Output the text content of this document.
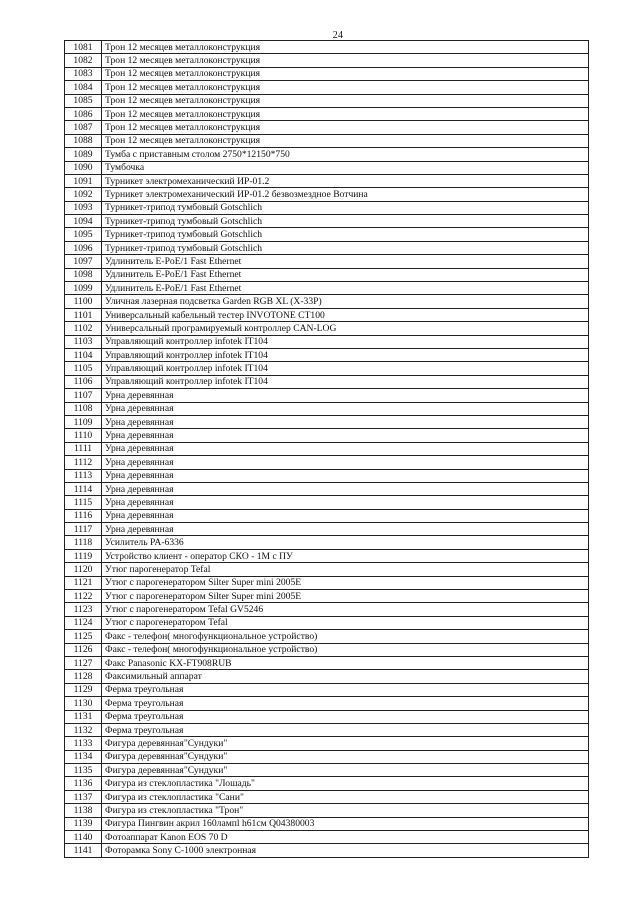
24
1081	Трон 12 месяцев металлоконструкция
1082	Трон 12 месяцев металлоконструкция
1083	Трон 12 месяцев металлоконструкция
1084	Трон 12 месяцев металлоконструкция
1085	Трон 12 месяцев металлоконструкция
1086	Трон 12 месяцев металлоконструкция
1087	Трон 12 месяцев металлоконструкция
1088	Трон 12 месяцев металлоконструкция
1089	Тумба с приставным столом 2750*12150*750
1090	Тумбочка
1091	Турникет электромеханический ИР-01.2
1092	Турникет электромеханический ИР-01.2 безвозмездное Вотчина
1093	Турникет-трипод тумбовый Gotschlich
1094	Турникет-трипод тумбовый Gotschlich
1095	Турникет-трипод тумбовый Gotschlich
1096	Турникет-трипод тумбовый Gotschlich
1097	Удлинитель E-PoE/1 Fast Ethernet
1098	Удлинитель E-PoE/1 Fast Ethernet
1099	Удлинитель E-PoE/1 Fast Ethernet
1100	Уличная лазерная подсветка Garden RGB XL (X-33P)
1101	Универсальный кабельный тестер INVOTONE CT100
1102	Универсальный програмируемый контроллер CAN-LOG
1103	Управляющий контроллер infotek IT104
1104	Управляющий контроллер infotek IT104
1105	Управляющий контроллер infotek IT104
1106	Управляющий контроллер infotek IT104
1107	Урна деревянная
1108	Урна деревянная
1109	Урна деревянная
1110	Урна деревянная
1111	Урна деревянная
1112	Урна деревянная
1113	Урна деревянная
1114	Урна деревянная
1115	Урна деревянная
1116	Урна деревянная
1117	Урна деревянная
1118	Усилитель PA-6336
1119	Устройство клиент - оператор СКО - 1М с ПУ
1120	Утюг парогенератор Tefal
1121	Утюг с парогенератором Silter Super mini 2005E
1122	Утюг с парогенератором Silter Super mini 2005E
1123	Утюг с парогенератором Tefal GV5246
1124	Утюг с парогенератором Tefal
1125	Факс - телефон( многофункциональное устройство)
1126	Факс - телефон( многофункциональное устройство)
1127	Факс Panasonic KX-FT908RUB
1128	Факсимильный аппарат
1129	Ферма треугольная
1130	Ферма треугольная
1131	Ферма треугольная
1132	Ферма треугольная
1133	Фигура деревянная"Сундуки"
1134	Фигура деревянная"Сундуки"
1135	Фигура деревянная"Сундуки"
1136	Фигура из стеклопластика "Лошадь"
1137	Фигура из стеклопластика "Сани"
1138	Фигура из стеклопластика "Трон"
1139	Фигура Пингвин акрил 160лампl h61см Q04380003
1140	Фотоаппарат Kanon EOS 70 D
1141	Фоторамка Sony C-1000 электронная
